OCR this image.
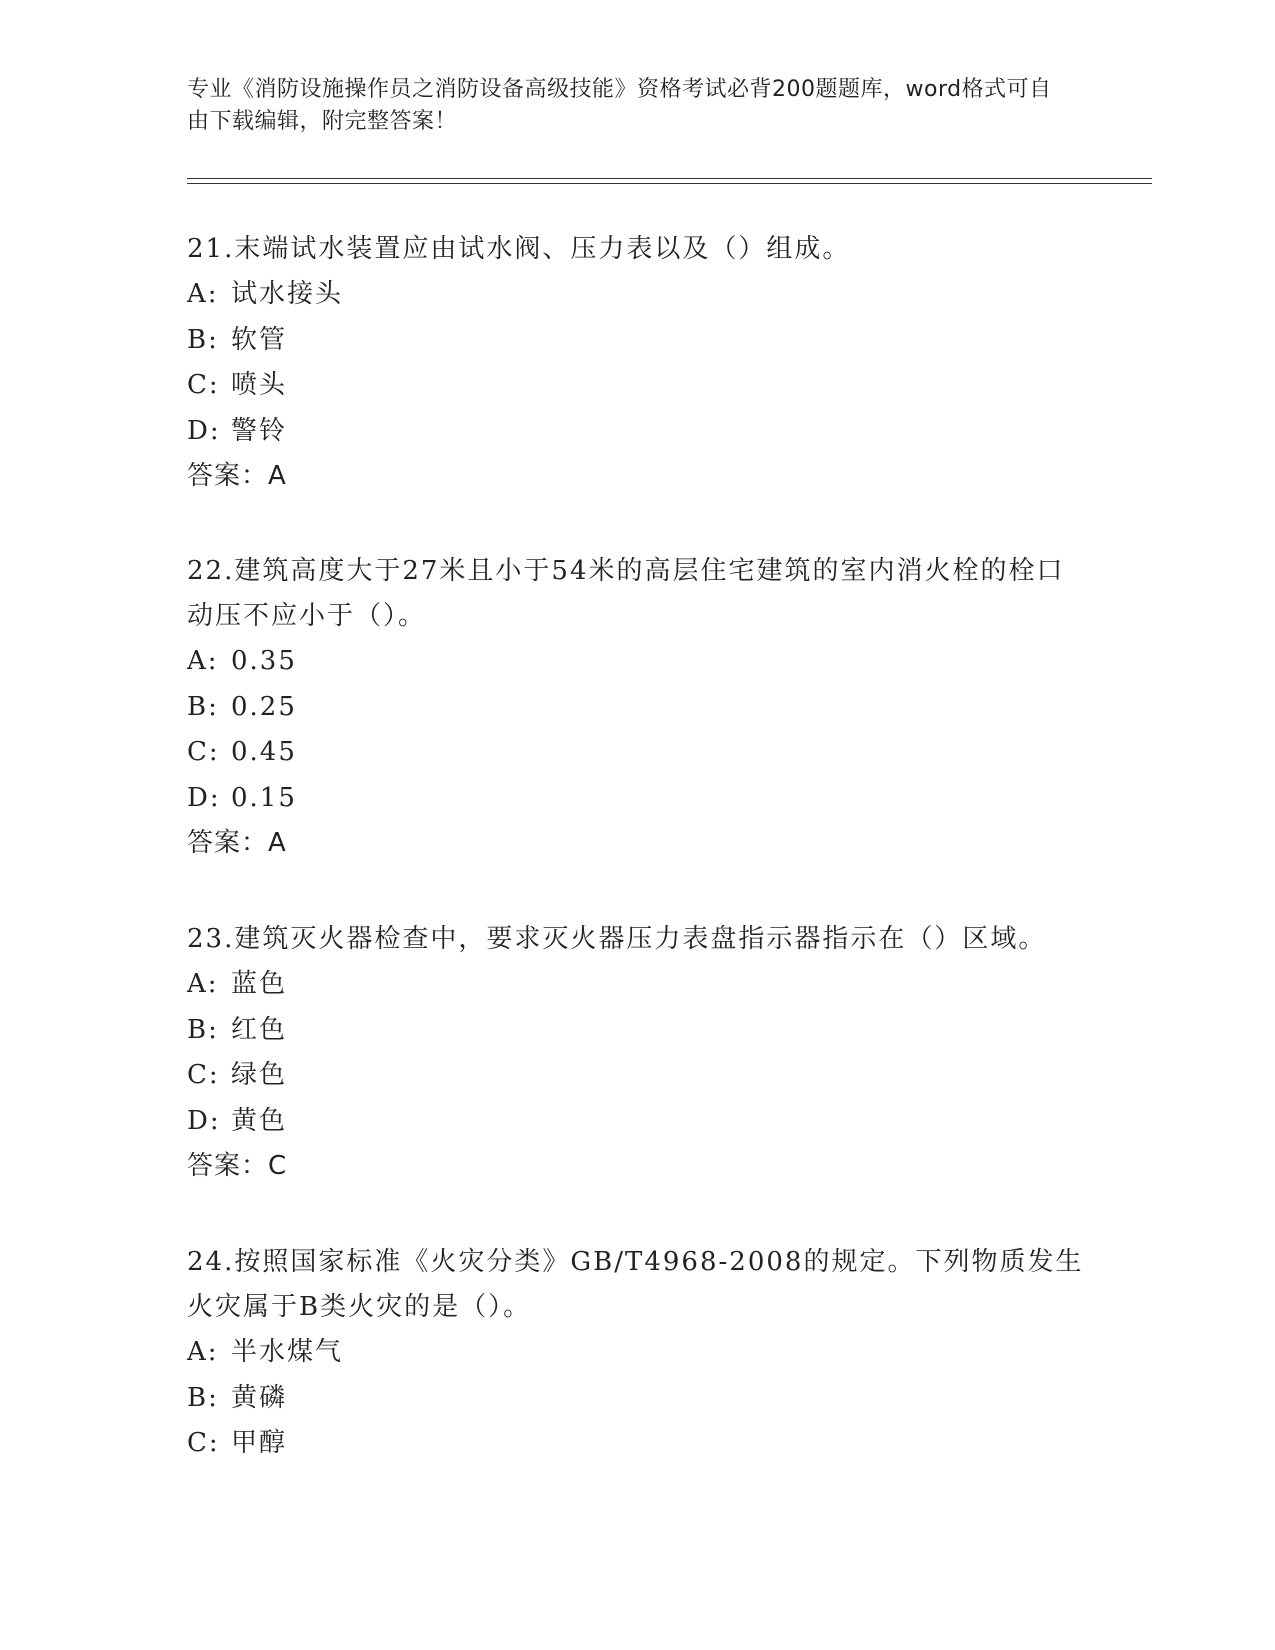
专业《消防设施操作员之消防设备高级技能》资格考试必背200题题库，word格式可自由下载编辑，附完整答案！

21.末端试水装置应由试水阀、压力表以及（）组成。

A: 试水接头

B: 软管

C: 喷头

D: 警铃

答案：A

22.建筑高度大于27米且小于54米的高层住宅建筑的室内消火栓的栓口动压不应小于（）。

A: 0.35

B: 0.25

C: 0.45

D: 0.15

答案：A

23.建筑灭火器检查中，要求灭火器压力表盘指示器指示在（）区域。

A: 蓝色

B: 红色

C: 绿色

D: 黄色

答案：C

24.按照国家标准《火灾分类》GB/T4968-2008的规定。下列物质发生火灾属于B类火灾的是（）。

A: 半水煤气

B: 黄磷

C: 甲醇
